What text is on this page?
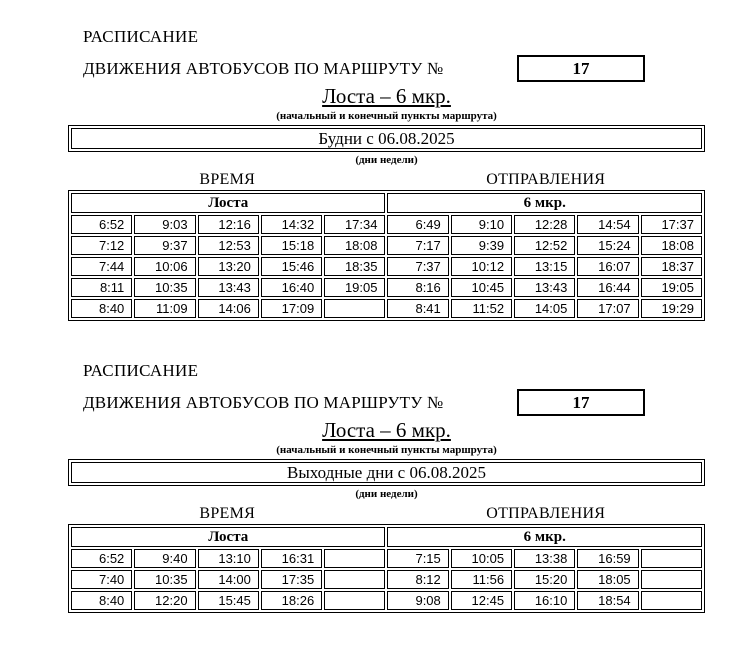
РАСПИСАНИЕ
ДВИЖЕНИЯ АВТОБУСОВ ПО МАРШРУТУ №	17
Лоста – 6 мкр.
(начальный и конечный пункты маршрута)
Будни с 06.08.2025
(дни недели)
ВРЕМЯ	ОТПРАВЛЕНИЯ
Лоста					6 мкр.				
6:52	9:03	12:16	14:32	17:34	6:49	9:10	12:28	14:54	17:37
7:12	9:37	12:53	15:18	18:08	7:17	9:39	12:52	15:24	18:08
7:44	10:06	13:20	15:46	18:35	7:37	10:12	13:15	16:07	18:37
8:11	10:35	13:43	16:40	19:05	8:16	10:45	13:43	16:44	19:05
8:40	11:09	14:06	17:09		8:41	11:52	14:05	17:07	19:29
РАСПИСАНИЕ
ДВИЖЕНИЯ АВТОБУСОВ ПО МАРШРУТУ №	17
Лоста – 6 мкр.
(начальный и конечный пункты маршрута)
Выходные дни с 06.08.2025
(дни недели)
ВРЕМЯ	ОТПРАВЛЕНИЯ
Лоста					6 мкр.				
6:52	9:40	13:10	16:31		7:15	10:05	13:38	16:59	
7:40	10:35	14:00	17:35		8:12	11:56	15:20	18:05	
8:40	12:20	15:45	18:26		9:08	12:45	16:10	18:54	
